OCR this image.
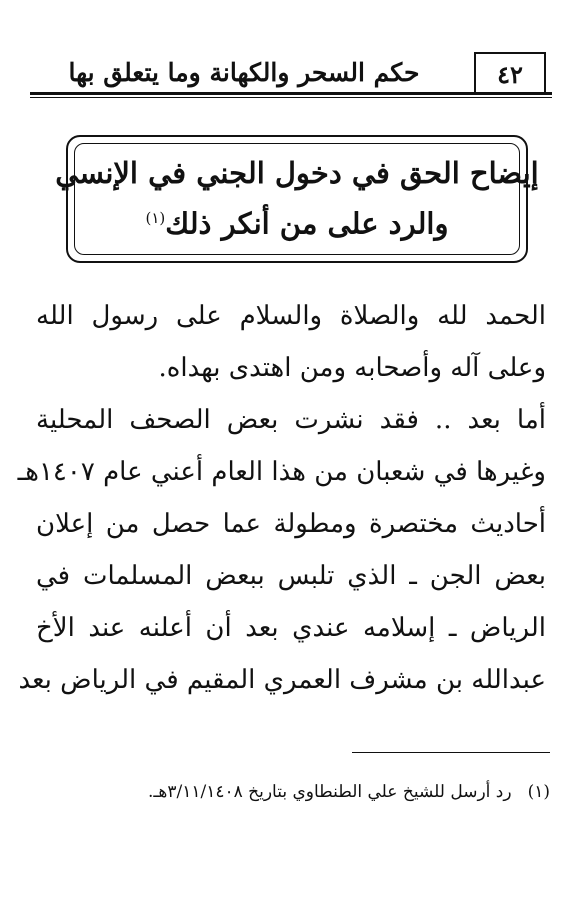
٤٢
حكم السحر والكهانة وما يتعلق بها
إيضاح الحق في دخول الجني في الإنسي
والرد على من أنكر ذلك$^{(١)}$
الحمد لله والصلاة والسلام على رسول الله
وعلى آله وأصحابه ومن اهتدى بهداه.
أما بعد .. فقد نشرت بعض الصحف المحلية
وغيرها في شعبان من هذا العام أعني عام ١٤٠٧هـ
أحاديث مختصرة ومطولة عما حصل من إعلان
بعض الجن ـ الذي تلبس ببعض المسلمات في
الرياض ـ إسلامه عندي بعد أن أعلنه عند الأخ
عبدالله بن مشرف العمري المقيم في الرياض بعد
(١)رد أرسل للشيخ علي الطنطاوي بتاريخ ٣/١١/١٤٠٨هـ.
